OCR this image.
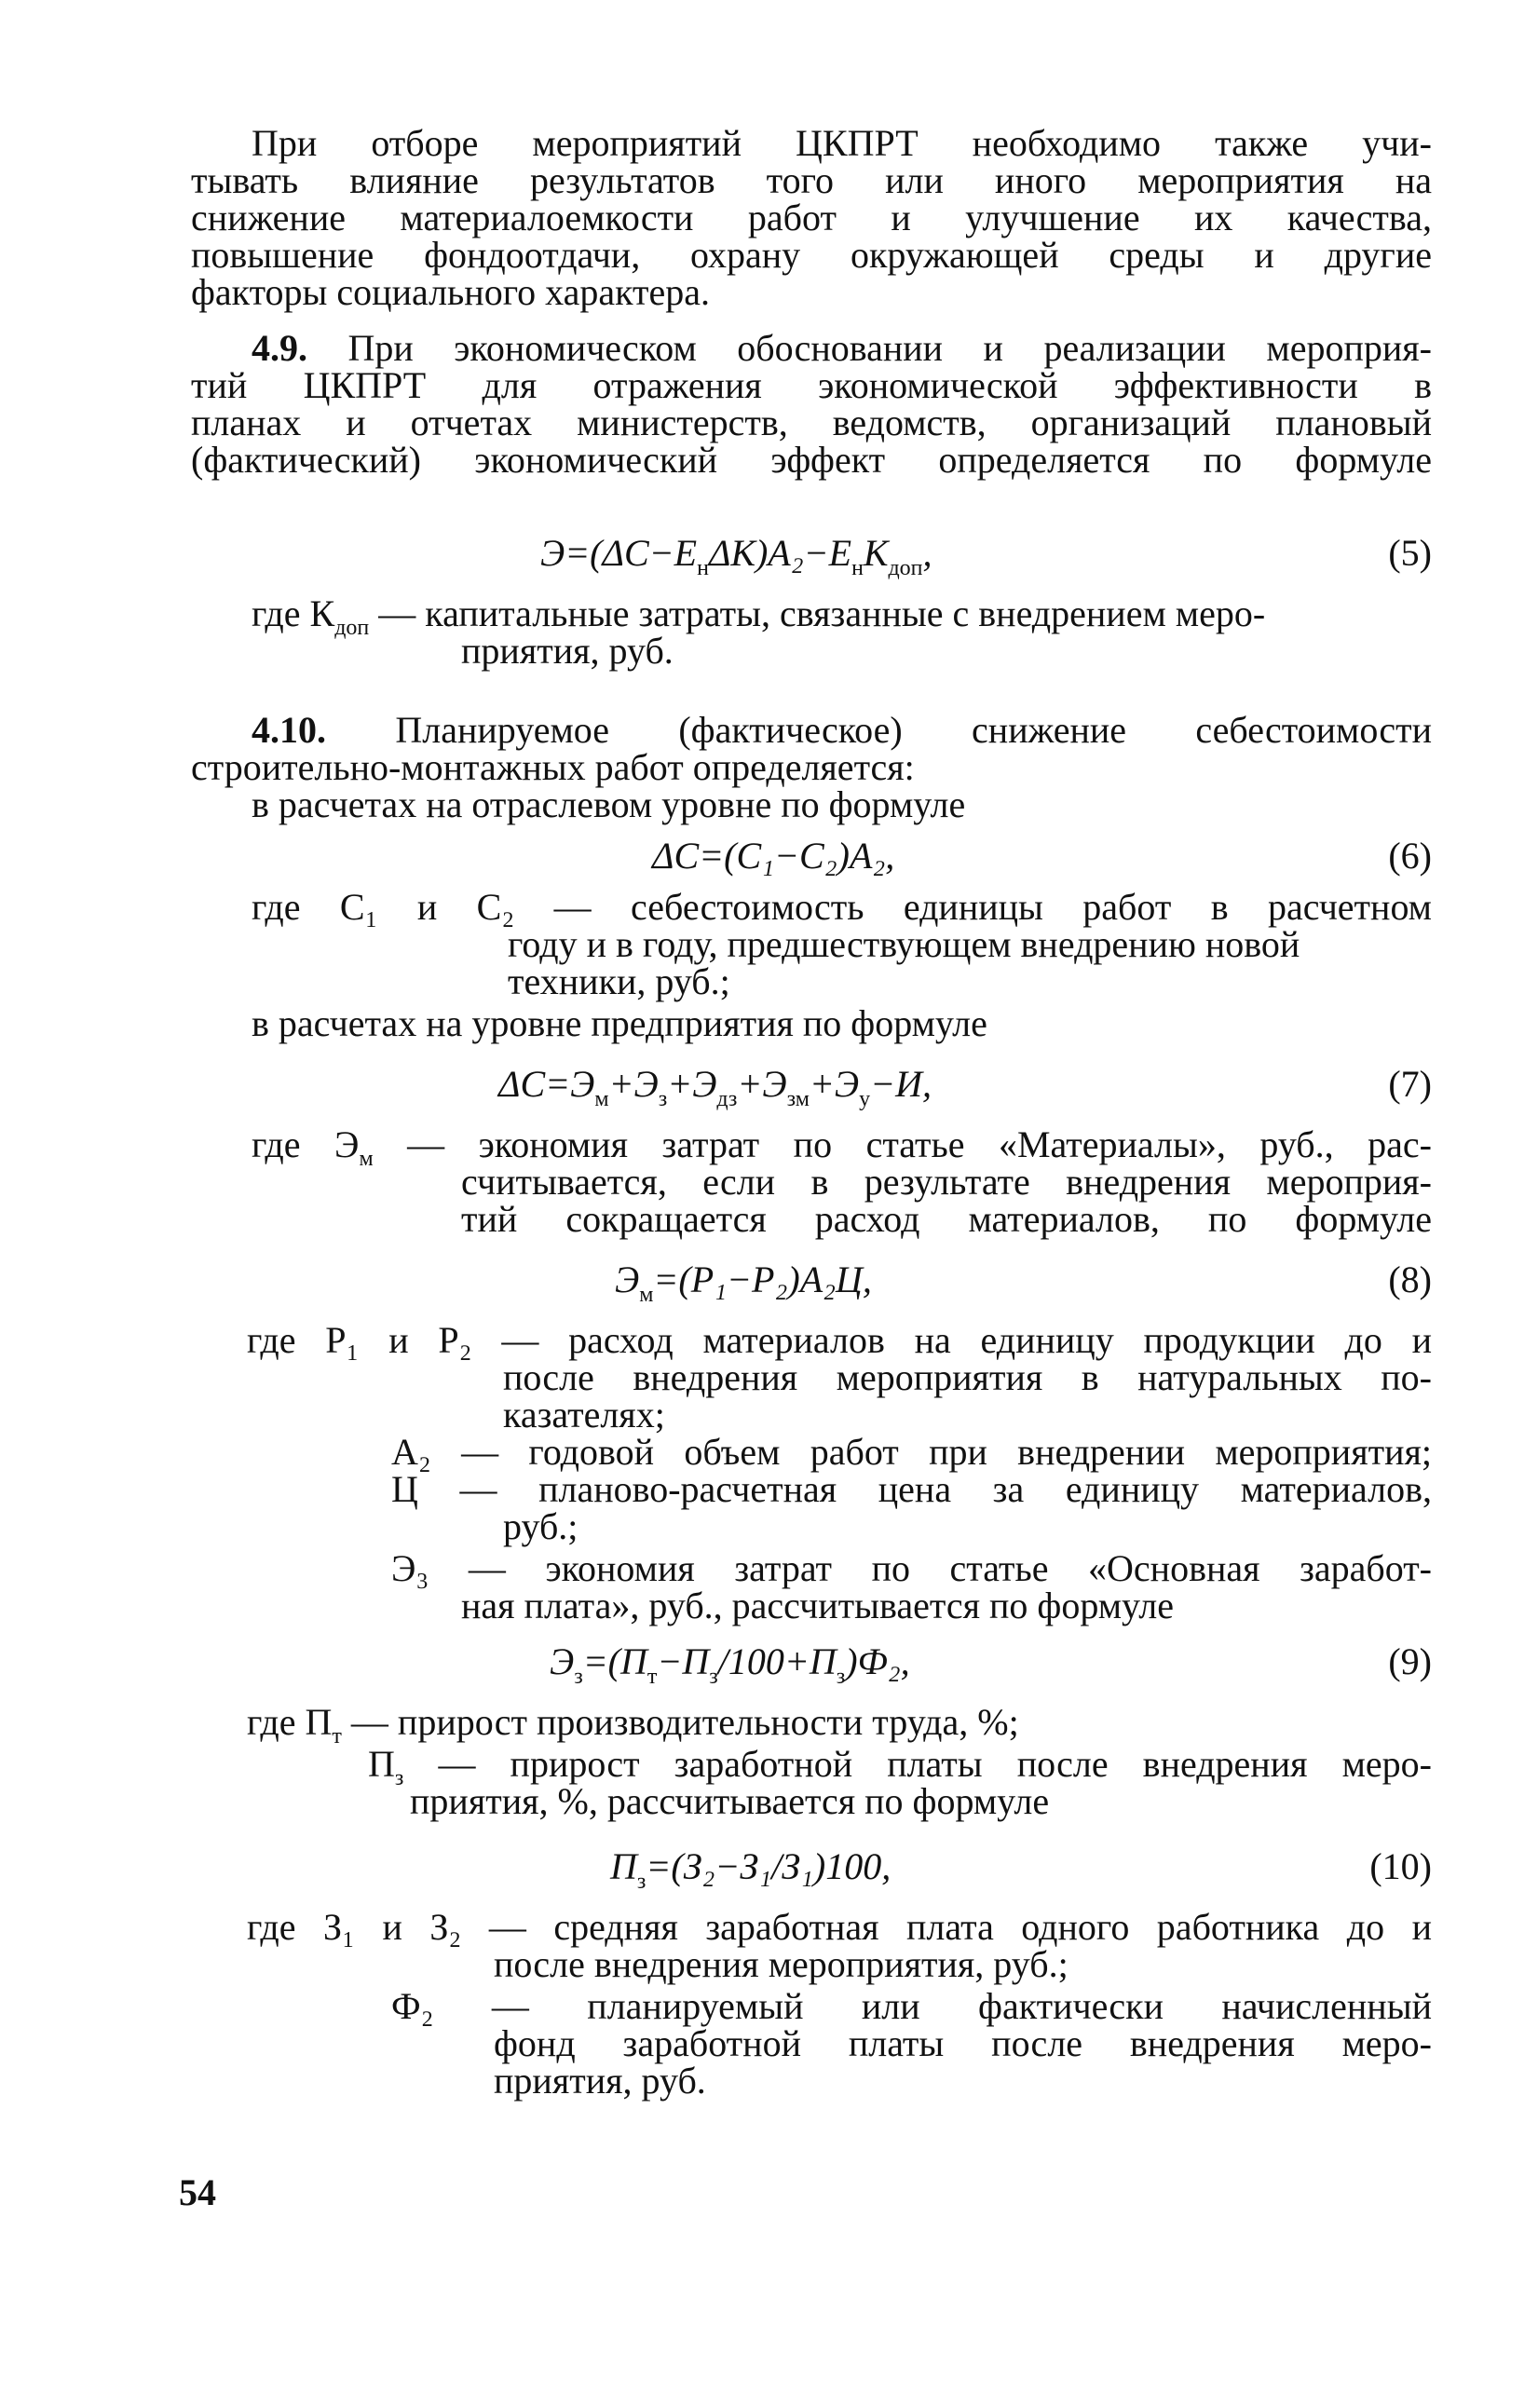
При отборе мероприятий ЦКПРТ необходимо также учи-
тывать влияние результатов того или иного мероприятия на
снижение материалоемкости работ и улучшение их качества,
повышение фондоотдачи, охрану окружающей среды и другие
факторы социального характера.
4.9. При экономическом обосновании и реализации мероприя-
тий ЦКПРТ для отражения экономической эффективности в
планах и отчетах министерств, ведомств, организаций плановый
(фактический) экономический эффект определяется по формуле
$Э=(\Delta С-Е_н\Delta К)А_2-Е_нК_{доп}$,	(5)
где $К_{доп}$ — капитальные затраты, связанные с внедрением меро-
приятия, руб.
4.10. Планируемое (фактическое) снижение себестоимости
строительно-монтажных работ определяется:
в расчетах на отраслевом уровне по формуле
ΔС=(С₁−С₂)А₂,	(6)
где С₁ и С₂ — себестоимость единицы работ в расчетном
году и в году, предшествующем внедрению новой
техники, руб.;
в расчетах на уровне предприятия по формуле
$\Delta С=Э_м+Э_з+Э_{дз}+Э_{зм}+Э_у-И$,	(7)
где $Э_м$ — экономия затрат по статье «Материалы», руб., рас-
считывается, если в результате внедрения мероприя-
тий сокращается расход материалов, по формуле
$Э_м=(Р_1-Р_2)А_2Ц$,	(8)
где Р₁ и Р₂ — расход материалов на единицу продукции до и
после внедрения мероприятия в натуральных по-
казателях;
А₂ — годовой объем работ при внедрении мероприятия;
Ц — планово-расчетная цена за единицу материалов,
руб.;
Э₃ — экономия затрат по статье «Основная заработ-
ная плата», руб., рассчитывается по формуле
$Э_з=(П_т-П_з/100+П_з)Ф_2$,	(9)
где $П_т$ — прирост производительности труда, %;
$П_з$ — прирост заработной платы после внедрения меро-
приятия, %, рассчитывается по формуле
$П_з=(З_2-З_1/З_1)100$,	(10)
где З₁ и З₂ — средняя заработная плата одного работника до и
после внедрения мероприятия, руб.;
Ф₂ — планируемый или фактически начисленный
фонд заработной платы после внедрения меро-
приятия, руб.
54
